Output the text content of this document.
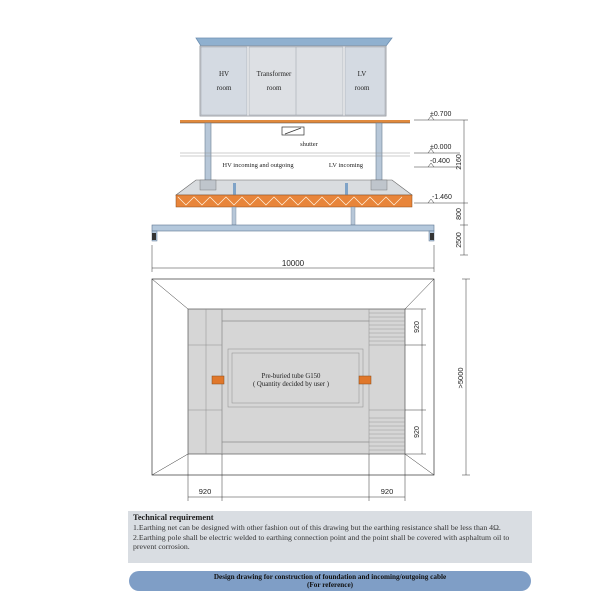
HV
room
Transformer
room
LV
room
shutter
HV incoming and outgoing	LV incoming
±0.700
±0.000
-0.400
-1.460
2160
800
2500
10000
Pre-buried tube G150
( Quantity decided by user )
920
920
>5000
920	920
Technical requirement
1.Earthing net can be designed with other fashion out of this drawing but the earthing resistance shall be less than 4Ω.
2.Earthing pole shall be electric welded to earthing connection point and the point shall be covered with asphaltum oil to prevent corrosion.
Design drawing for construction of foundation and incoming/outgoing cable
(For reference)
